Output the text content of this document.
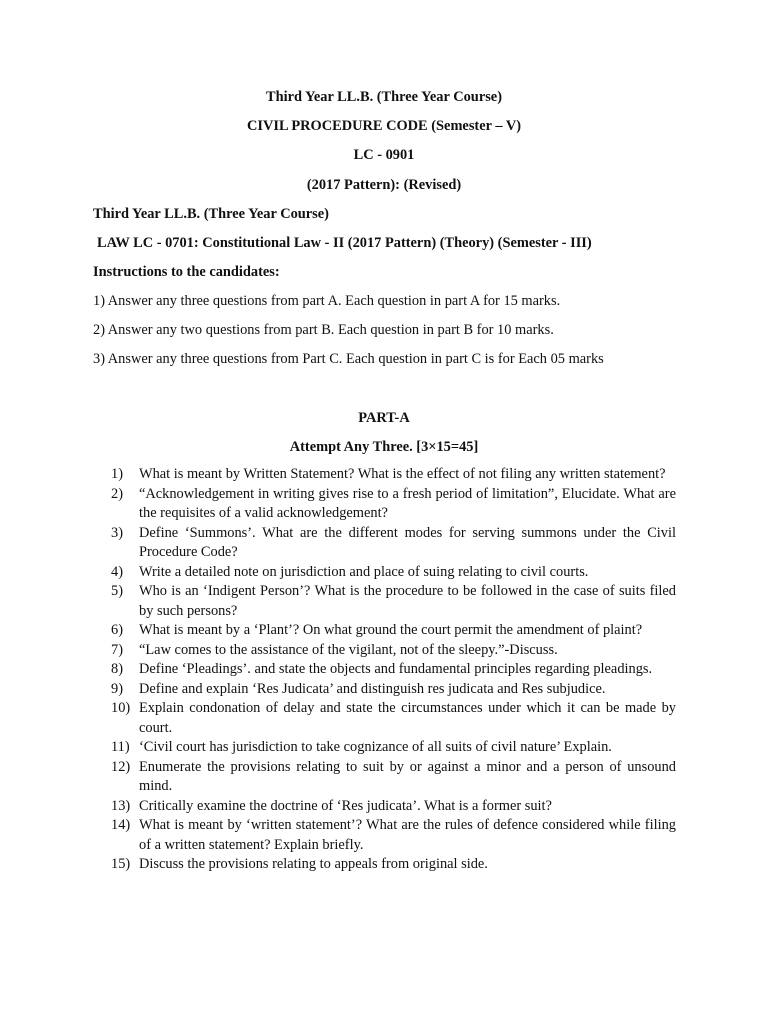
Third Year LL.B. (Three Year Course)
CIVIL PROCEDURE CODE (Semester – V)
LC - 0901
(2017 Pattern): (Revised)
Third Year LL.B. (Three Year Course)
LAW LC - 0701: Constitutional Law - II (2017 Pattern) (Theory) (Semester - III)
Instructions to the candidates:
1) Answer any three questions from part A. Each question in part A for 15 marks.
2) Answer any two questions from part B. Each question in part B for 10 marks.
3) Answer any three questions from Part C. Each question in part C is for Each 05 marks
PART-A
Attempt Any Three. [3×15=45]
1)	What is meant by Written Statement? What is the effect of not filing any written statement?
2)	“Acknowledgement in writing gives rise to a fresh period of limitation”, Elucidate. What are the requisites of a valid acknowledgement?
3)	Define ‘Summons’. What are the different modes for serving summons under the Civil Procedure Code?
4)	Write a detailed note on jurisdiction and place of suing relating to civil courts.
5)	Who is an ‘Indigent Person’? What is the procedure to be followed in the case of suits filed by such persons?
6)	What is meant by a ‘Plant’? On what ground the court permit the amendment of plaint?
7)	“Law comes to the assistance of the vigilant, not of the sleepy.”-Discuss.
8)	Define ‘Pleadings’. and state the objects and fundamental principles regarding pleadings.
9)	Define and explain ‘Res Judicata’ and distinguish res judicata and Res subjudice.
10) Explain condonation of delay and state the circumstances under which it can be made by court.
11) ‘Civil court has jurisdiction to take cognizance of all suits of civil nature’ Explain.
12) Enumerate the provisions relating to suit by or against a minor and a person of unsound mind.
13) Critically examine the doctrine of ‘Res judicata’. What is a former suit?
14) What is meant by ‘written statement’? What are the rules of defence considered while filing of a written statement? Explain briefly.
15) Discuss the provisions relating to appeals from original side.
